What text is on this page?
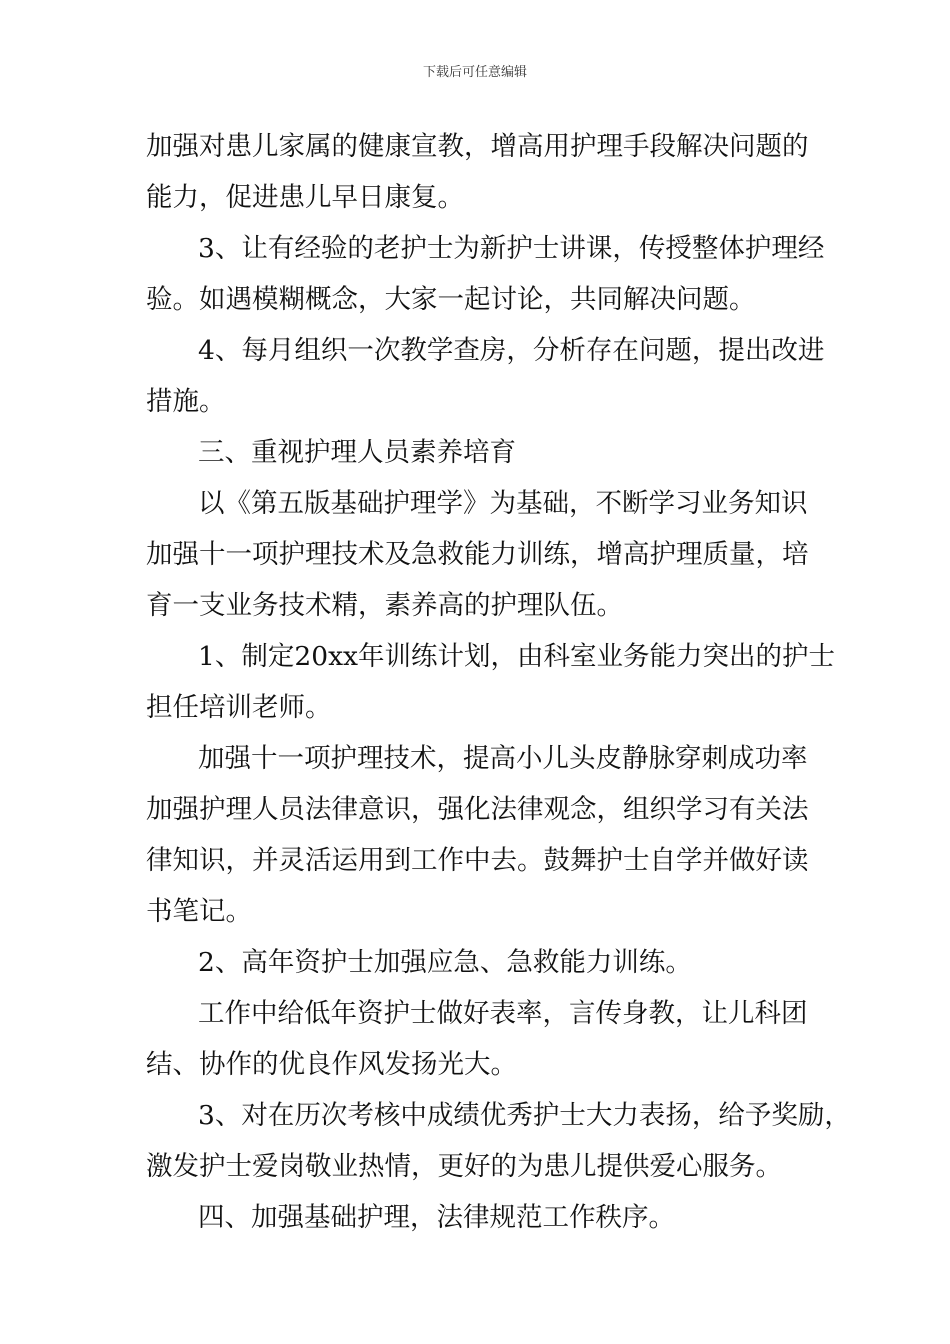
下载后可任意编辑
加强对患儿家属的健康宣教，增高用护理手段解决问题的
能力，促进患儿早日康复。
3、让有经验的老护士为新护士讲课，传授整体护理经
验。如遇模糊概念，大家一起讨论，共同解决问题。
4、每月组织一次教学查房，分析存在问题，提出改进
措施。
三、重视护理人员素养培育
以《第五版基础护理学》为基础，不断学习业务知识
加强十一项护理技术及急救能力训练，增高护理质量，培
育一支业务技术精，素养高的护理队伍。
1、制定20xx年训练计划，由科室业务能力突出的护士
担任培训老师。
加强十一项护理技术，提高小儿头皮静脉穿刺成功率
加强护理人员法律意识，强化法律观念，组织学习有关法
律知识，并灵活运用到工作中去。鼓舞护士自学并做好读
书笔记。
2、高年资护士加强应急、急救能力训练。
工作中给低年资护士做好表率，言传身教，让儿科团
结、协作的优良作风发扬光大。
3、对在历次考核中成绩优秀护士大力表扬，给予奖励，
激发护士爱岗敬业热情，更好的为患儿提供爱心服务。
四、加强基础护理，法律规范工作秩序。
